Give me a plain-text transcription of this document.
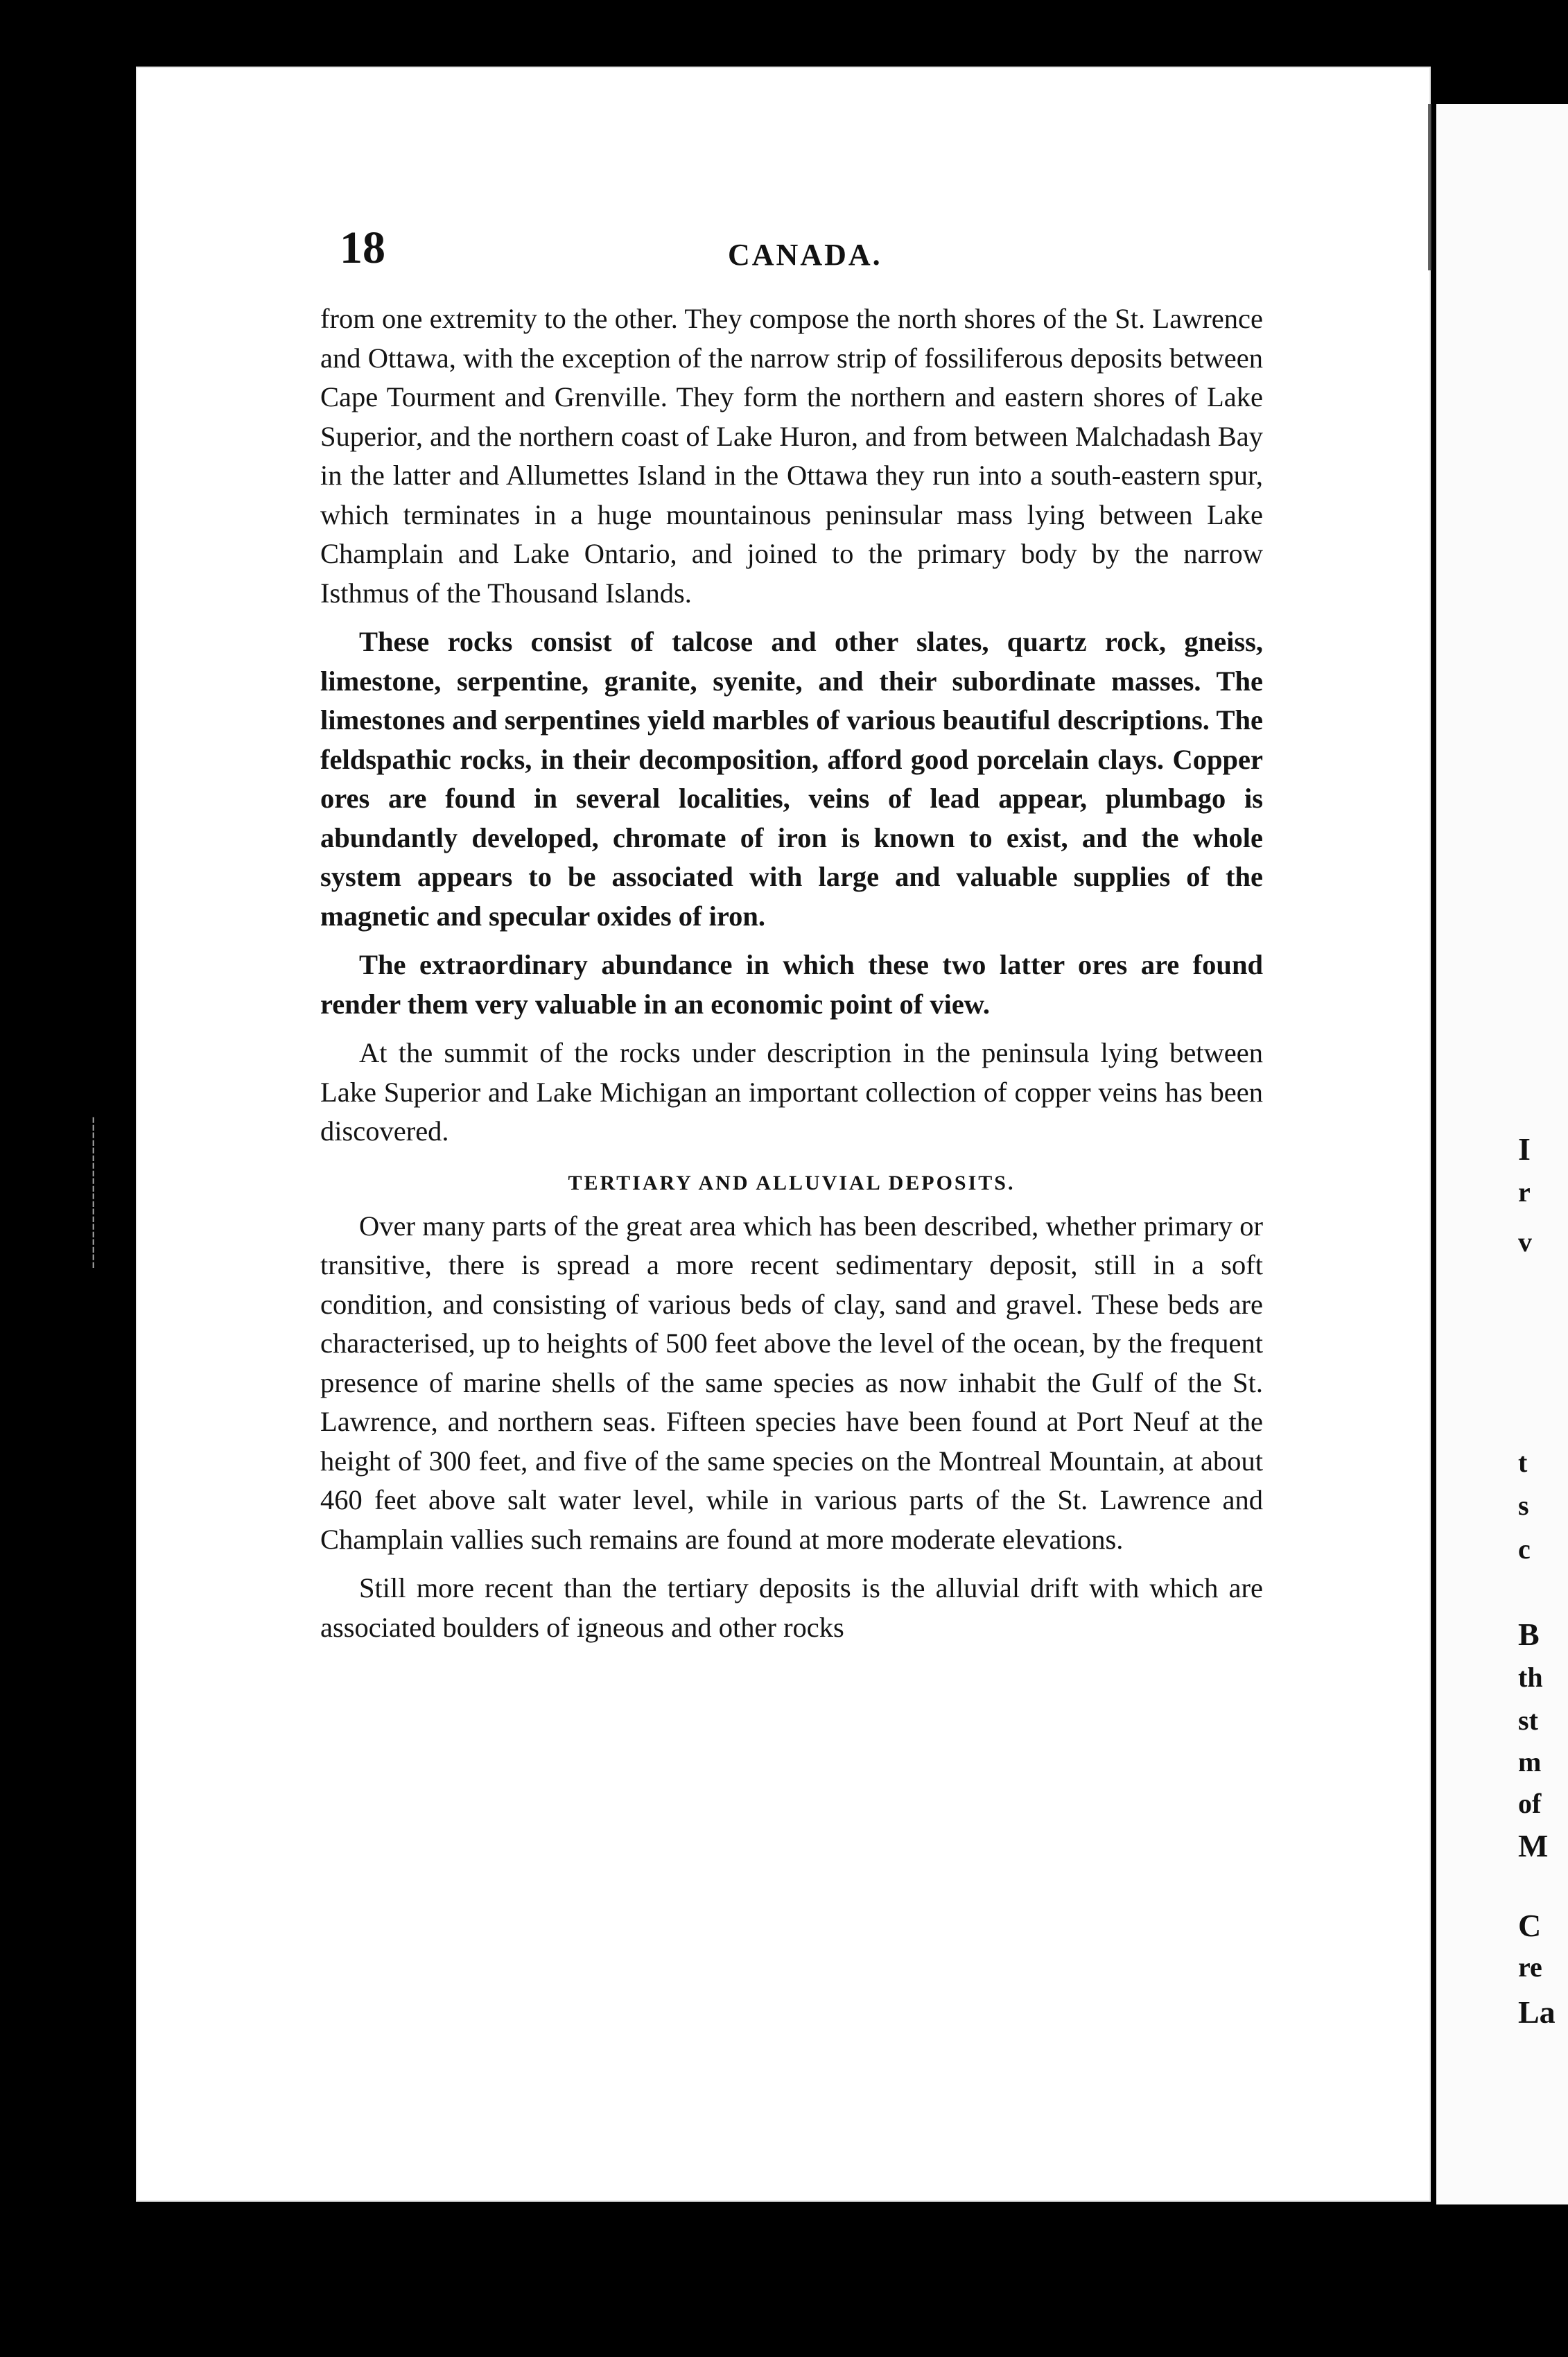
I
r
v
t
s
c
B
th
st
m
of
M
C
re
La
¦
¦
¦
¦
¦
¦
¦
¦
¦
¦
18	CANADA.

from one extremity to the other. They compose the north shores of the St. Lawrence and Ottawa, with the exception of the narrow strip of fossiliferous deposits between Cape Tourment and Grenville. They form the northern and eastern shores of Lake Superior, and the northern coast of Lake Huron, and from between Malchadash Bay in the latter and Allumettes Island in the Ottawa they run into a south-eastern spur, which terminates in a huge mountainous peninsular mass lying between Lake Champlain and Lake Ontario, and joined to the primary body by the narrow Isthmus of the Thousand Islands.

These rocks consist of talcose and other slates, quartz rock, gneiss, limestone, serpentine, granite, syenite, and their subordinate masses. The limestones and serpentines yield marbles of various beautiful descriptions. The feldspathic rocks, in their decomposition, afford good porcelain clays. Copper ores are found in several localities, veins of lead appear, plumbago is abundantly developed, chromate of iron is known to exist, and the whole system appears to be associated with large and valuable supplies of the magnetic and specular oxides of iron.

The extraordinary abundance in which these two latter ores are found render them very valuable in an economic point of view.

At the summit of the rocks under description in the peninsula lying between Lake Superior and Lake Michigan an important collection of copper veins has been discovered.

TERTIARY AND ALLUVIAL DEPOSITS.

Over many parts of the great area which has been described, whether primary or transitive, there is spread a more recent sedimentary deposit, still in a soft condition, and consisting of various beds of clay, sand and gravel. These beds are characterised, up to heights of 500 feet above the level of the ocean, by the frequent presence of marine shells of the same species as now inhabit the Gulf of the St. Lawrence, and northern seas. Fifteen species have been found at Port Neuf at the height of 300 feet, and five of the same species on the Montreal Mountain, at about 460 feet above salt water level, while in various parts of the St. Lawrence and Champlain vallies such remains are found at more moderate elevations.

Still more recent than the tertiary deposits is the alluvial drift with which are associated boulders of igneous and other rocks
